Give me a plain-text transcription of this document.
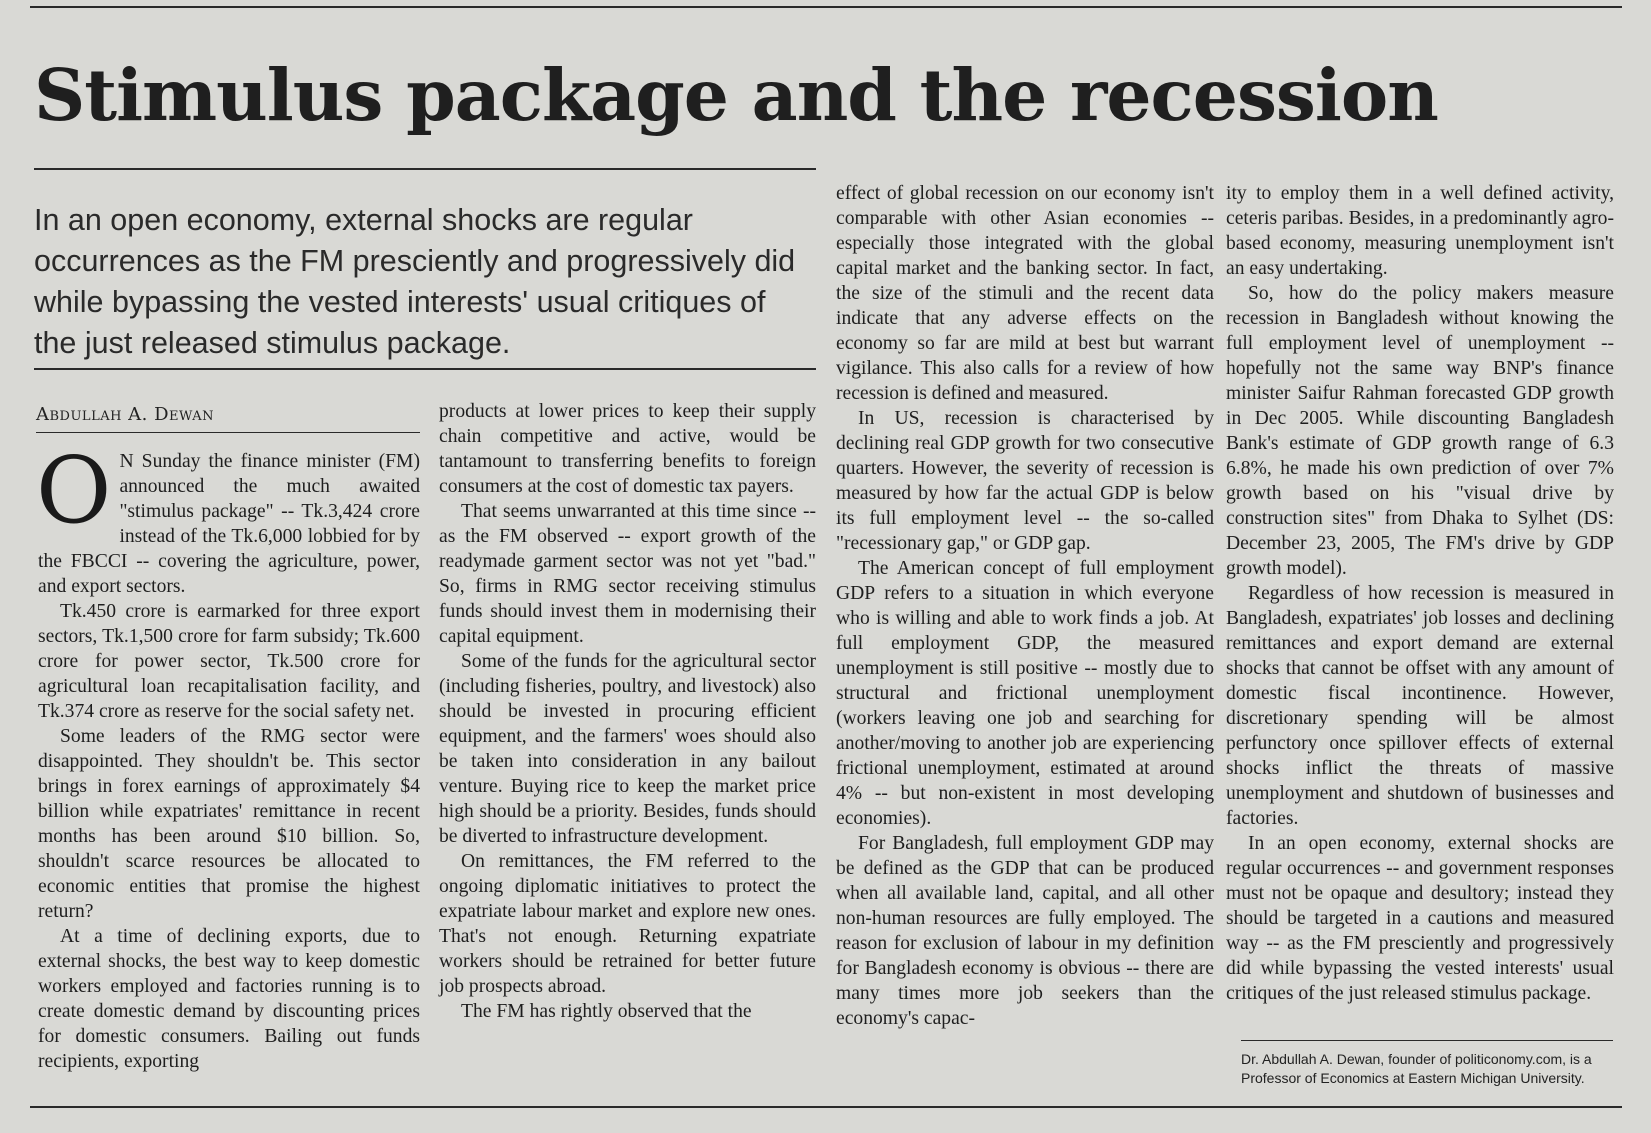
Stimulus package and the recession

In an open economy, external shocks are regular occurrences as the FM presciently and progressively did while bypassing the vested interests' usual critiques of the just released stimulus package.

Abdullah A. Dewan
O N Sunday the finance minister (FM) announced the much awaited "stimulus package" -- Tk.3,424 crore instead of the Tk.6,000 lobbied for by the FBCCI -- covering the agriculture, power, and export sectors.

Tk.450 crore is earmarked for three export sectors, Tk.1,500 crore for farm subsidy; Tk.600 crore for power sector, Tk.500 crore for agricultural loan recapitalisation facility, and Tk.374 crore as reserve for the social safety net.

Some leaders of the RMG sector were disappointed. They shouldn't be. This sector brings in forex earnings of approximately $4 billion while expatriates' remittance in recent months has been around $10 billion. So, shouldn't scarce resources be allocated to economic entities that promise the highest return?

At a time of declining exports, due to external shocks, the best way to keep domestic workers employed and factories running is to create domestic demand by discounting prices for domestic consumers. Bailing out funds recipients, exporting

products at lower prices to keep their supply chain competitive and active, would be tantamount to transferring benefits to foreign consumers at the cost of domestic tax payers.

That seems unwarranted at this time since -- as the FM observed -- export growth of the readymade garment sector was not yet "bad." So, firms in RMG sector receiving stimulus funds should invest them in modernising their capital equipment.

Some of the funds for the agricultural sector (including fisheries, poultry, and livestock) also should be invested in procuring efficient equipment, and the farmers' woes should also be taken into consideration in any bailout venture. Buying rice to keep the market price high should be a priority. Besides, funds should be diverted to infrastructure development.

On remittances, the FM referred to the ongoing diplomatic initiatives to protect the expatriate labour market and explore new ones. That's not enough. Returning expatriate workers should be retrained for better future job prospects abroad.

The FM has rightly observed that the

effect of global recession on our economy isn't comparable with other Asian economies -- especially those integrated with the global capital market and the banking sector. In fact, the size of the stimuli and the recent data indicate that any adverse effects on the economy so far are mild at best but warrant vigilance. This also calls for a review of how recession is defined and measured.

In US, recession is characterised by declining real GDP growth for two consecutive quarters. However, the severity of recession is measured by how far the actual GDP is below its full employment level -- the so-called "recessionary gap," or GDP gap.

The American concept of full employment GDP refers to a situation in which everyone who is willing and able to work finds a job. At full employment GDP, the measured unemployment is still positive -- mostly due to structural and frictional unemployment (workers leaving one job and searching for another/moving to another job are experiencing frictional unemployment, estimated at around 4% -- but non-existent in most developing economies).

For Bangladesh, full employment GDP may be defined as the GDP that can be produced when all available land, capital, and all other non-human resources are fully employed. The reason for exclusion of labour in my definition for Bangladesh economy is obvious -- there are many times more job seekers than the economy's capac-

ity to employ them in a well defined activity, ceteris paribas. Besides, in a predominantly agro-based economy, measuring unemployment isn't an easy undertaking.

So, how do the policy makers measure recession in Bangladesh without knowing the full employment level of unemployment -- hopefully not the same way BNP's finance minister Saifur Rahman forecasted GDP growth in Dec 2005. While discounting Bangladesh Bank's estimate of GDP growth range of 6.3 6.8%, he made his own prediction of over 7% growth based on his "visual drive by construction sites" from Dhaka to Sylhet (DS: December 23, 2005, The FM's drive by GDP growth model).

Regardless of how recession is measured in Bangladesh, expatriates' job losses and declining remittances and export demand are external shocks that cannot be offset with any amount of domestic fiscal incontinence. However, discretionary spending will be almost perfunctory once spillover effects of external shocks inflict the threats of massive unemployment and shutdown of businesses and factories.

In an open economy, external shocks are regular occurrences -- and government responses must not be opaque and desultory; instead they should be targeted in a cautions and measured way -- as the FM presciently and progressively did while bypassing the vested interests' usual critiques of the just released stimulus package.

Dr. Abdullah A. Dewan, founder of politiconomy.com, is a Professor of Economics at Eastern Michigan University.
